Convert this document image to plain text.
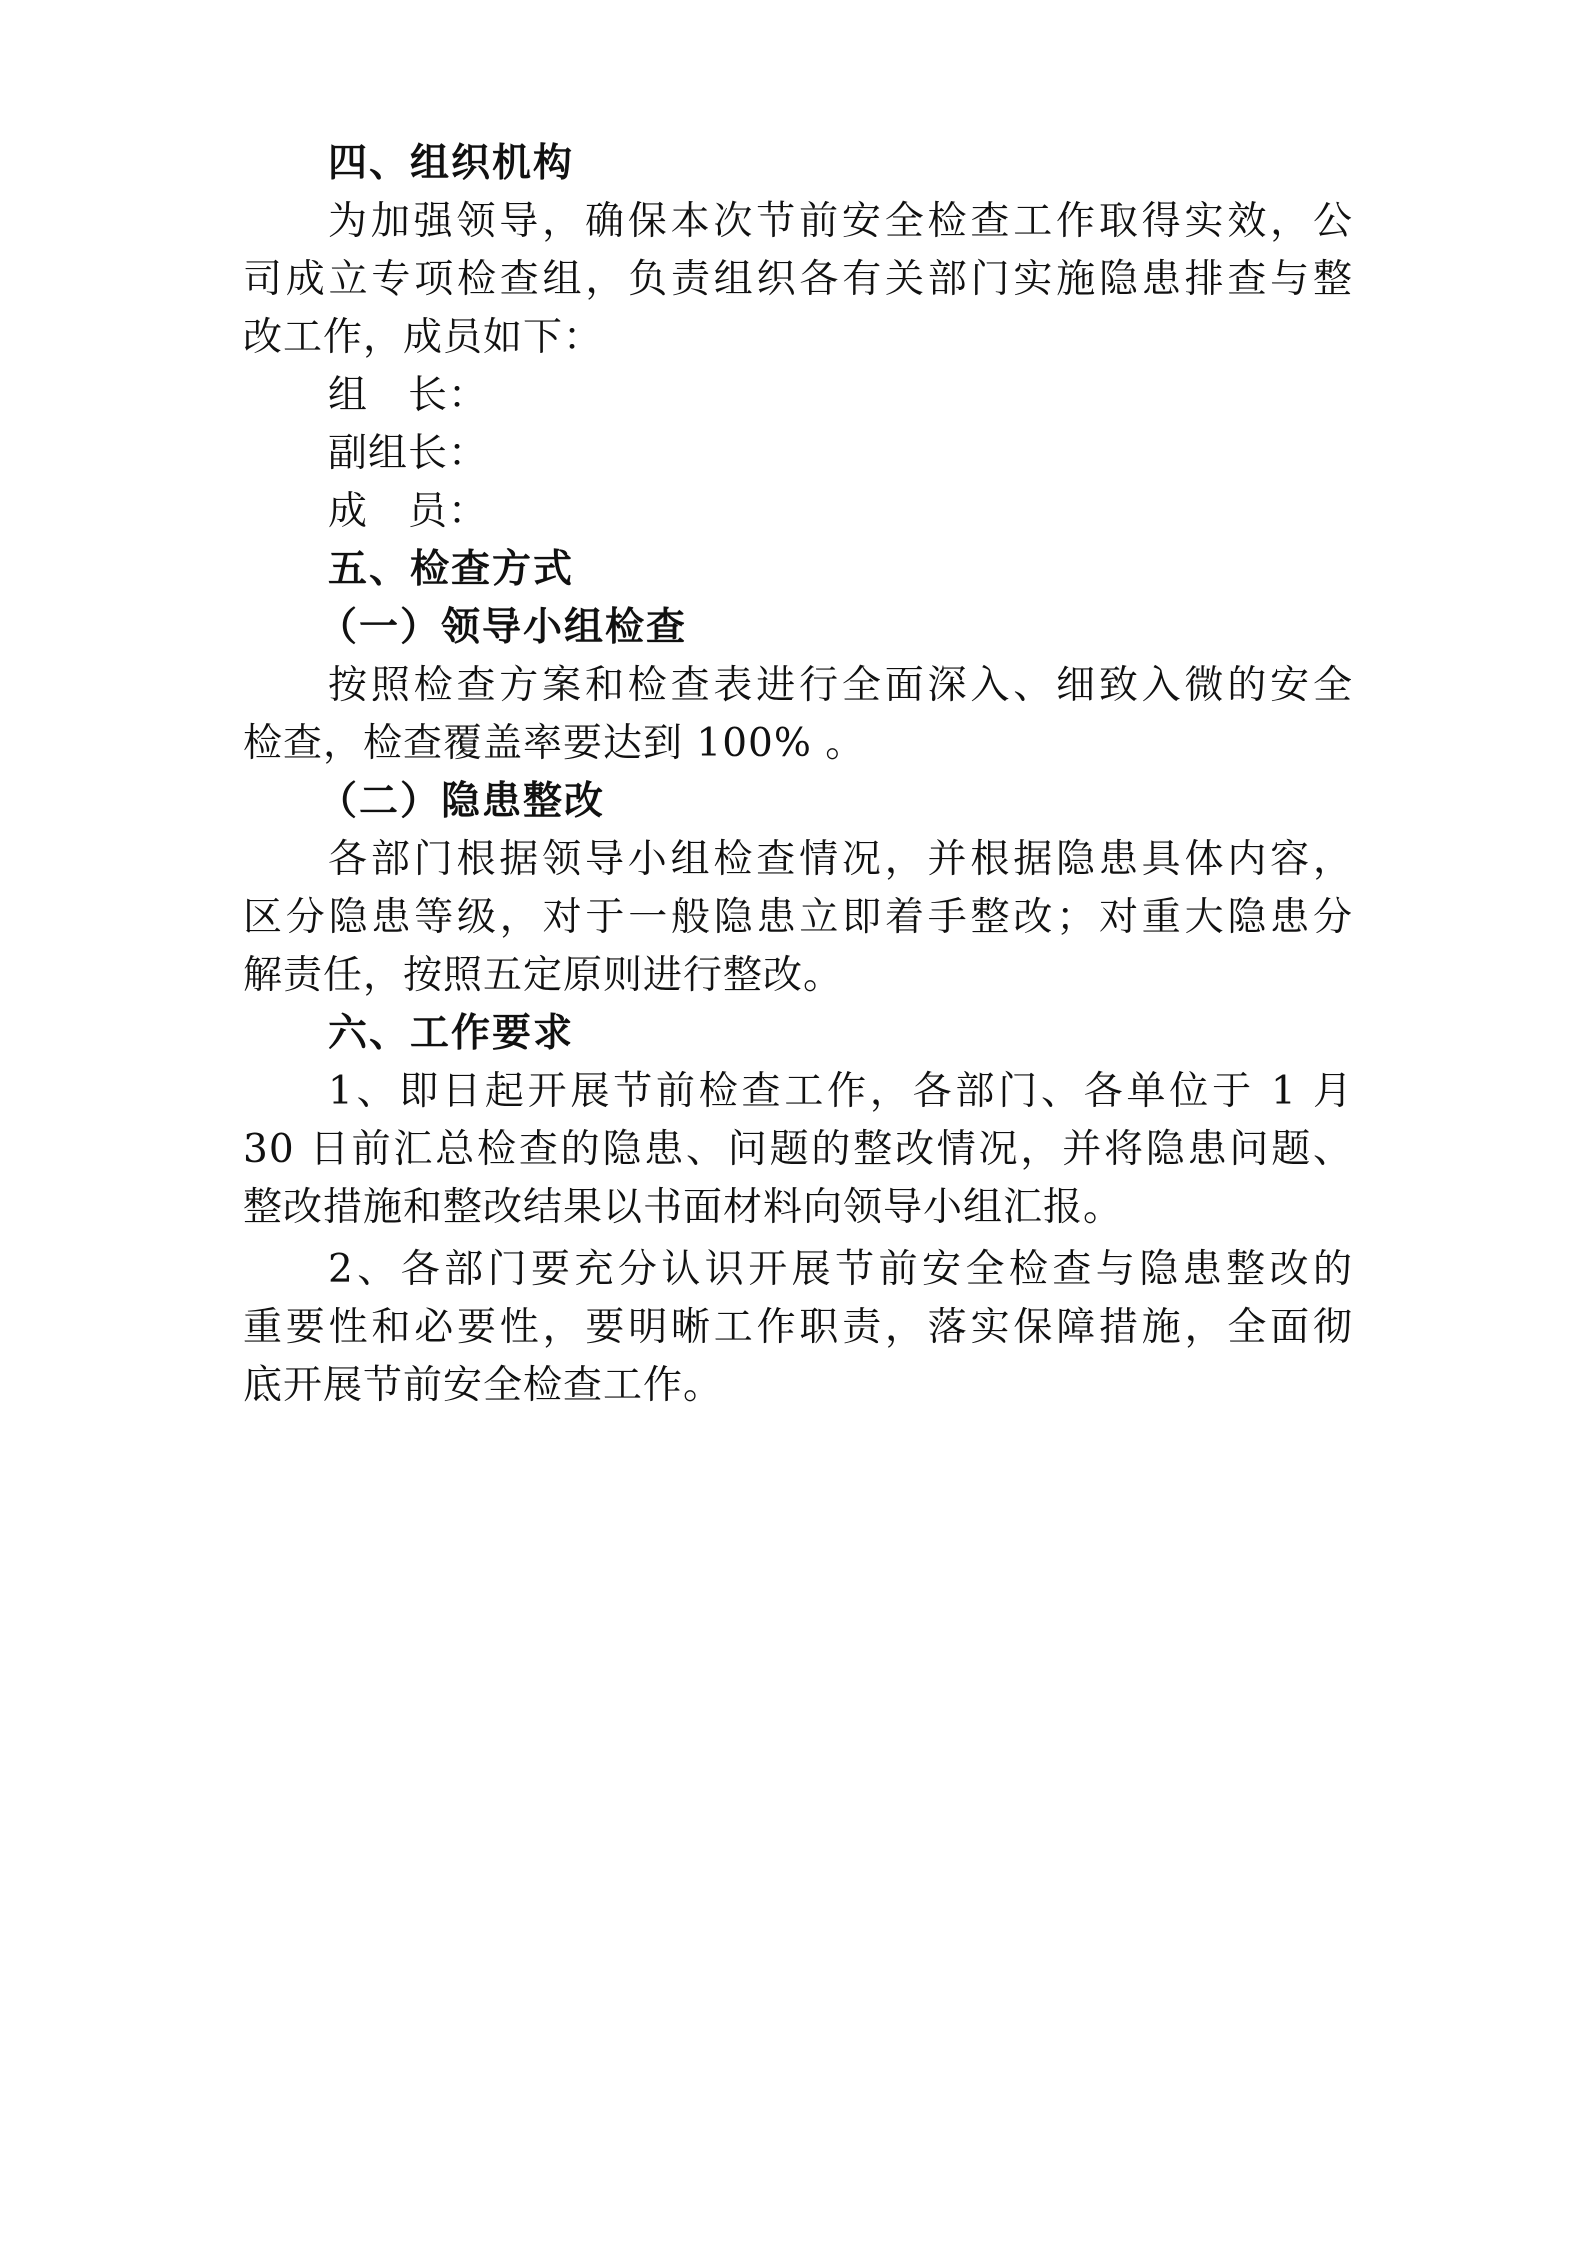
四、组织机构
为加强领导，确保本次节前安全检查工作取得实效，公
司成立专项检查组，负责组织各有关部门实施隐患排查与整
改工作，成员如下：
组　长：
副组长：
成　员：
五、检查方式
（一）领导小组检查
按照检查方案和检查表进行全面深入、细致入微的安全
检查，检查覆盖率要达到 100% 。
（二）隐患整改
各部门根据领导小组检查情况，并根据隐患具体内容，
区分隐患等级，对于一般隐患立即着手整改；对重大隐患分
解责任，按照五定原则进行整改。
六、工作要求
1、即日起开展节前检查工作，各部门、各单位于 1 月
30 日前汇总检查的隐患、问题的整改情况，并将隐患问题、
整改措施和整改结果以书面材料向领导小组汇报。
2、各部门要充分认识开展节前安全检查与隐患整改的
重要性和必要性，要明晰工作职责，落实保障措施，全面彻
底开展节前安全检查工作。
